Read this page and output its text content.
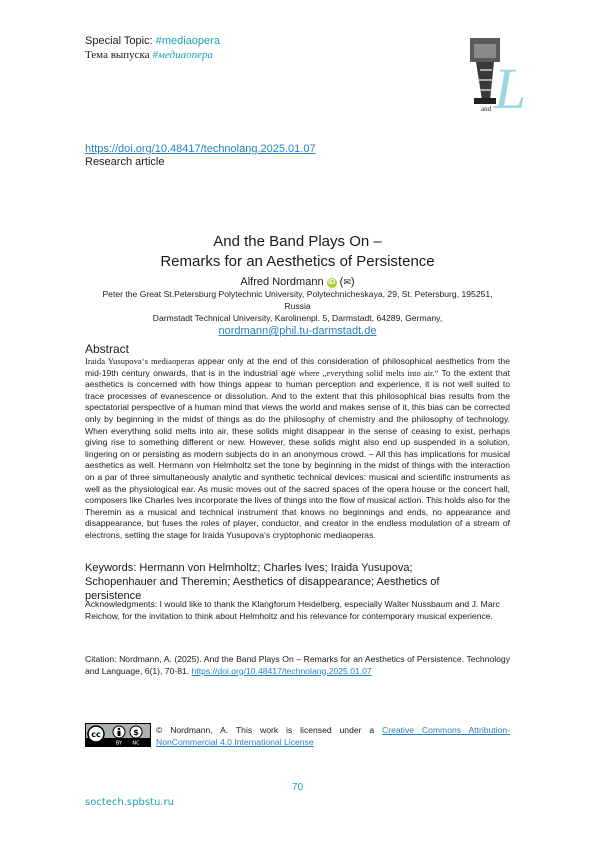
Special Topic: #mediaopera
Тема выпуска #медиаопера
and L
https://doi.org/10.48417/technolang.2025.01.07
Research article
And the Band Plays On –
Remarks for an Aesthetics of Persistence
Alfred Nordmann iD (✉)
Peter the Great St.Petersburg Polytechnic University, Polytechnicheskaya, 29, St. Petersburg, 195251,
Russia
Darmstadt Technical University, Karolinenpl. 5, Darmstadt, 64289, Germany,
nordmann@phil.tu-darmstadt.de
Abstract
Iraida Yusupova‘s mediaoperas appear only at the end of this consideration of philosophical aesthetics from the mid-19th century onwards, that is in the industrial age where „everything solid melts into air.“ To the extent that aesthetics is concerned with how things appear to human perception and experience, it is not well suited to trace processes of evanescence or dissolution. And to the extent that this philosophical bias results from the spectatorial perspective of a human mind that views the world and makes sense of it, this bias can be corrected only by beginning in the midst of things as do the philosophy of chemistry and the philosophy of technology. When everything solid melts into air, these solids might disappear in the sense of ceasing to exist, perhaps giving rise to something different or new. However, these solids might also end up suspended in a solution, lingering on or persisting as modern subjects do in an anonymous crowd. – All this has implications for musical aesthetics as well. Hermann von Helmholtz set the tone by beginning in the midst of things with the interaction on a par of three simultaneously analytic and synthetic technical devices: musical and scientific instruments as well as the physiological ear. As music moves out of the sacred spaces of the opera house or the concert hall, composers like Charles Ives incorporate the lives of things into the flow of musical action. This holds also for the Theremin as a musical and technical instrument that knows no beginnings and ends, no appearance and disappearance, but fuses the roles of player, conductor, and creator in the endless modulation of a stream of electrons, setting the stage for Iraida Yusupova‘s cryptophonic mediaoperas.
Keywords: Hermann von Helmholtz; Charles Ives; Iraida Yusupova; Schopenhauer and Theremin; Aesthetics of disappearance; Aesthetics of persistence
Acknowledgments: I would like to thank the Klangforum Heidelberg, especially Walter Nussbaum and J. Marc Reichow, for the invitation to think about Helmholtz and his relevance for contemporary musical experience.
Citation: Nordmann, A. (2025). And the Band Plays On – Remarks for an Aesthetics of Persistence. Technology and Language, 6(1), 70-81. https://doi.org/10.48417/technolang.2025.01.07
cc	$
BY NC
© Nordmann, A. This work is licensed under a Creative Commons Attribution-NonCommercial 4.0 International License
70
soctech.spbstu.ru
